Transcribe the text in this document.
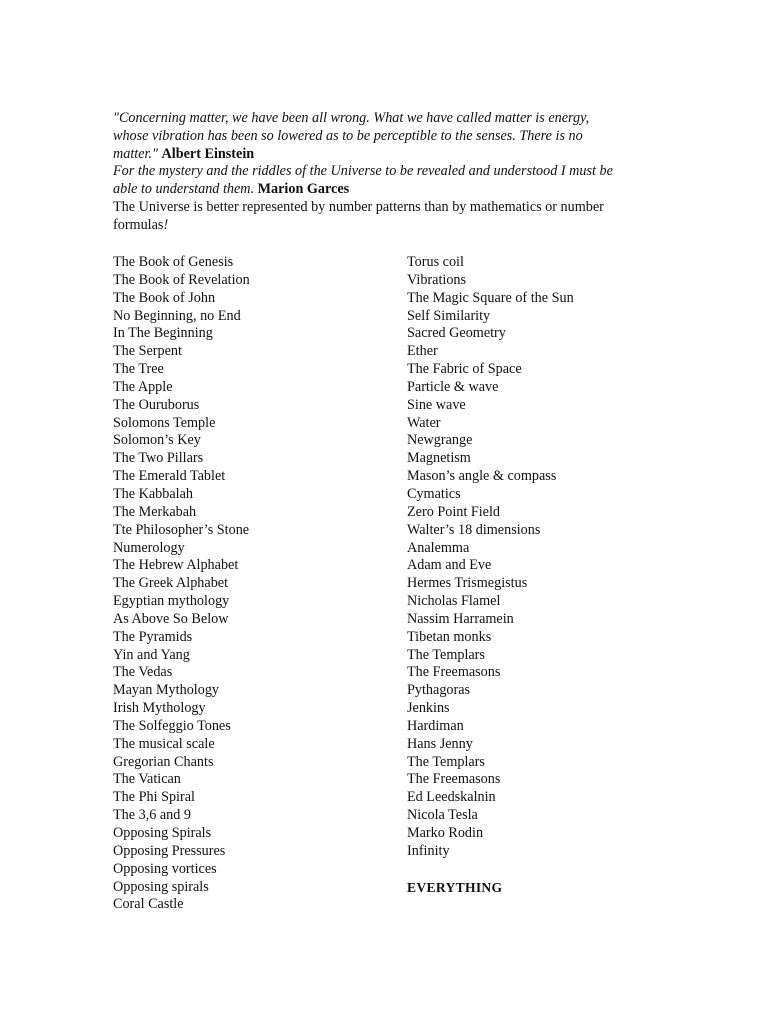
"Concerning matter, we have been all wrong. What we have called matter is energy, whose vibration has been so lowered as to be perceptible to the senses. There is no matter." Albert Einstein

For the mystery and the riddles of the Universe to be revealed and understood I must be able to understand them. Marion Garces

The Universe is better represented by number patterns than by mathematics or number formulas!

The Book of Genesis
The Book of Revelation
The Book of John
No Beginning, no End
In The Beginning
The Serpent
The Tree
The Apple
The Ouruborus
Solomons Temple
Solomon’s Key
The Two Pillars
The Emerald Tablet
The Kabbalah
The Merkabah
Tte Philosopher’s Stone
Numerology
The Hebrew Alphabet
The Greek Alphabet
Egyptian mythology
As Above So Below
The Pyramids
Yin and Yang
The Vedas
Mayan Mythology
Irish Mythology
The Solfeggio Tones
The musical scale
Gregorian Chants
The Vatican
The Phi Spiral
The 3,6 and 9
Opposing Spirals
Opposing Pressures
Opposing vortices
Opposing spirals
Coral Castle
Torus coil
Vibrations
The Magic Square of the Sun
Self Similarity
Sacred Geometry
Ether
The Fabric of Space
Particle & wave
Sine wave
Water
Newgrange
Magnetism
Mason’s angle & compass
Cymatics
Zero Point Field
Walter’s 18 dimensions
Analemma
Adam and Eve
Hermes Trismegistus
Nicholas Flamel
Nassim Harramein
Tibetan monks
The Templars
The Freemasons
Pythagoras
Jenkins
Hardiman
Hans Jenny
The Templars
The Freemasons
Ed Leedskalnin
Nicola Tesla
Marko Rodin
Infinity
EVERYTHING
